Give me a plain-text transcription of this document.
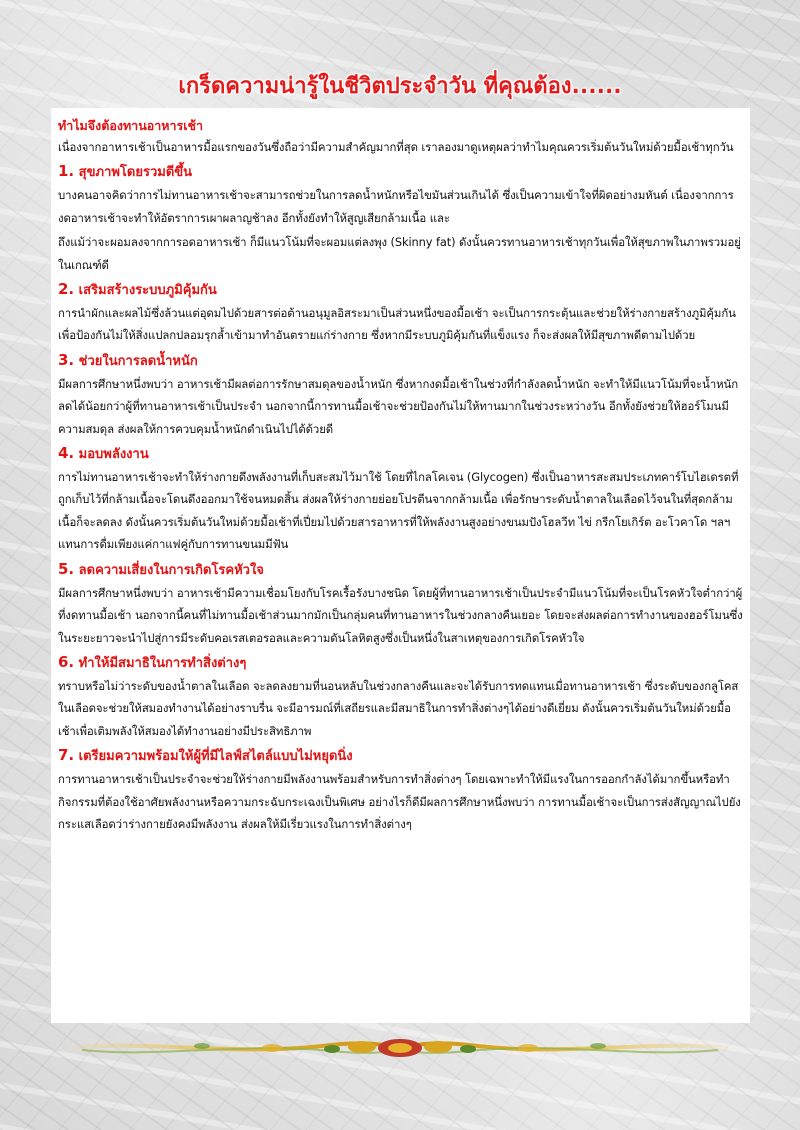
เกร็ดความน่ารู้ในชีวิตประจำวัน ที่คุณต้อง......
ทำไมจึงต้องทานอาหารเช้า
เนื่องจากอาหารเช้าเป็นอาหารมื้อแรกของวันซึ่งถือว่ามีความสำคัญมากที่สุด เราลองมาดูเหตุผลว่าทำไมคุณควรเริ่มต้นวันใหม่ด้วยมื้อเช้าทุกวัน
1. สุขภาพโดยรวมดีขึ้น
บางคนอาจคิดว่าการไม่ทานอาหารเช้าจะสามารถช่วยในการลดน้ำหนักหรือไขมันส่วนเกินได้ ซึ่งเป็นความเข้าใจที่ผิดอย่างมหันต์ เนื่องจากการงดอาหารเช้าจะทำให้อัตราการเผาผลาญช้าลง อีกทั้งยังทำให้สูญเสียกล้ามเนื้อ และ
ถึงแม้ว่าจะผอมลงจากการอดอาหารเช้า ก็มีแนวโน้มที่จะผอมแต่ลงพุง (Skinny fat) ดังนั้นควรทานอาหารเช้าทุกวันเพื่อให้สุขภาพในภาพรวมอยู่ในเกณฑ์ดี
2. เสริมสร้างระบบภูมิคุ้มกัน
การนำผักและผลไม้ซึ่งล้วนแต่อุดมไปด้วยสารต่อต้านอนุมูลอิสระมาเป็นส่วนหนึ่งของมื้อเช้า จะเป็นการกระตุ้นและช่วยให้ร่างกายสร้างภูมิคุ้มกันเพื่อป้องกันไม่ให้สิ่งแปลกปลอมรุกล้ำเข้ามาทำอันตรายแก่ร่างกาย ซึ่งหากมีระบบภูมิคุ้มกันที่แข็งแรง ก็จะส่งผลให้มีสุขภาพดีตามไปด้วย
3. ช่วยในการลดน้ำหนัก
มีผลการศึกษาหนึ่งพบว่า อาหารเช้ามีผลต่อการรักษาสมดุลของน้ำหนัก ซึ่งหากงดมื้อเช้าในช่วงที่กำลังลดน้ำหนัก จะทำให้มีแนวโน้มที่จะน้ำหนักลดได้น้อยกว่าผู้ที่ทานอาหารเช้าเป็นประจำ นอกจากนี้การทานมื้อเช้าจะช่วยป้องกันไม่ให้ทานมากในช่วงระหว่างวัน อีกทั้งยังช่วยให้ฮอร์โมนมีความสมดุล ส่งผลให้การควบคุมน้ำหนักดำเนินไปได้ด้วยดี
4. มอบพลังงาน
การไม่ทานอาหารเช้าจะทำให้ร่างกายดึงพลังงานที่เก็บสะสมไว้มาใช้ โดยที่ไกลโคเจน (Glycogen) ซึ่งเป็นอาหารสะสมประเภทคาร์โบไฮเดรตที่ถูกเก็บไว้ที่กล้ามเนื้อจะโดนดึงออกมาใช้จนหมดสิ้น ส่งผลให้ร่างกายย่อยโปรตีนจากกล้ามเนื้อ เพื่อรักษาระดับน้ำตาลในเลือดไว้จนในที่สุดกล้ามเนื้อก็จะลดลง ดังนั้นควรเริ่มต้นวันใหม่ด้วยมื้อเช้าที่เปี่ยมไปด้วยสารอาหารที่ให้พลังงานสูงอย่างขนมปังโฮลวีท ไข่ กรีกโยเกิร์ต อะโวคาโด ฯลฯ แทนการดื่มเพียงแค่กาแฟคู่กับการทานขนมมีฟัน
5. ลดความเสี่ยงในการเกิดโรคหัวใจ
มีผลการศึกษาหนึ่งพบว่า อาหารเช้ามีความเชื่อมโยงกับโรคเรื้อรังบางชนิด โดยผู้ที่ทานอาหารเช้าเป็นประจำมีแนวโน้มที่จะเป็นโรคหัวใจต่ำกว่าผู้ที่งดทานมื้อเช้า นอกจากนี้คนที่ไม่ทานมื้อเช้าส่วนมากมักเป็นกลุ่มคนที่ทานอาหารในช่วงกลางคืนเยอะ โดยจะส่งผลต่อการทำงานของฮอร์โมนซึ่งในระยะยาวจะนำไปสู่การมีระดับคอเรสเตอรอลและความดันโลหิตสูงซึ่งเป็นหนึ่งในสาเหตุของการเกิดโรคหัวใจ
6. ทำให้มีสมาธิในการทำสิ่งต่างๆ
ทราบหรือไม่ว่าระดับของน้ำตาลในเลือด จะลดลงยามที่นอนหลับในช่วงกลางคืนและจะได้รับการทดแทนเมื่อทานอาหารเช้า ซึ่งระดับของกลูโคสในเลือดจะช่วยให้สมองทำงานได้อย่างราบรื่น จะมีอารมณ์ที่เสถียรและมีสมาธิในการทำสิ่งต่างๆได้อย่างดีเยี่ยม ดังนั้นควรเริ่มต้นวันใหม่ด้วยมื้อเช้าเพื่อเติมพลังให้สมองได้ทำงานอย่างมีประสิทธิภาพ
7. เตรียมความพร้อมให้ผู้ที่มีไลฟ์สไตล์แบบไม่หยุดนิ่ง
การทานอาหารเช้าเป็นประจำจะช่วยให้ร่างกายมีพลังงานพร้อมสำหรับการทำสิ่งต่างๆ โดยเฉพาะทำให้มีแรงในการออกกำลังได้มากขึ้นหรือทำกิจกรรมที่ต้องใช้อาศัยพลังงานหรือความกระฉับกระเฉงเป็นพิเศษ อย่างไรก็ดีมีผลการศึกษาหนึ่งพบว่า การทานมื้อเช้าจะเป็นการส่งสัญญาณไปยังกระแสเลือดว่าร่างกายยังคงมีพลังงาน ส่งผลให้มีเรี่ยวแรงในการทำสิ่งต่างๆ
